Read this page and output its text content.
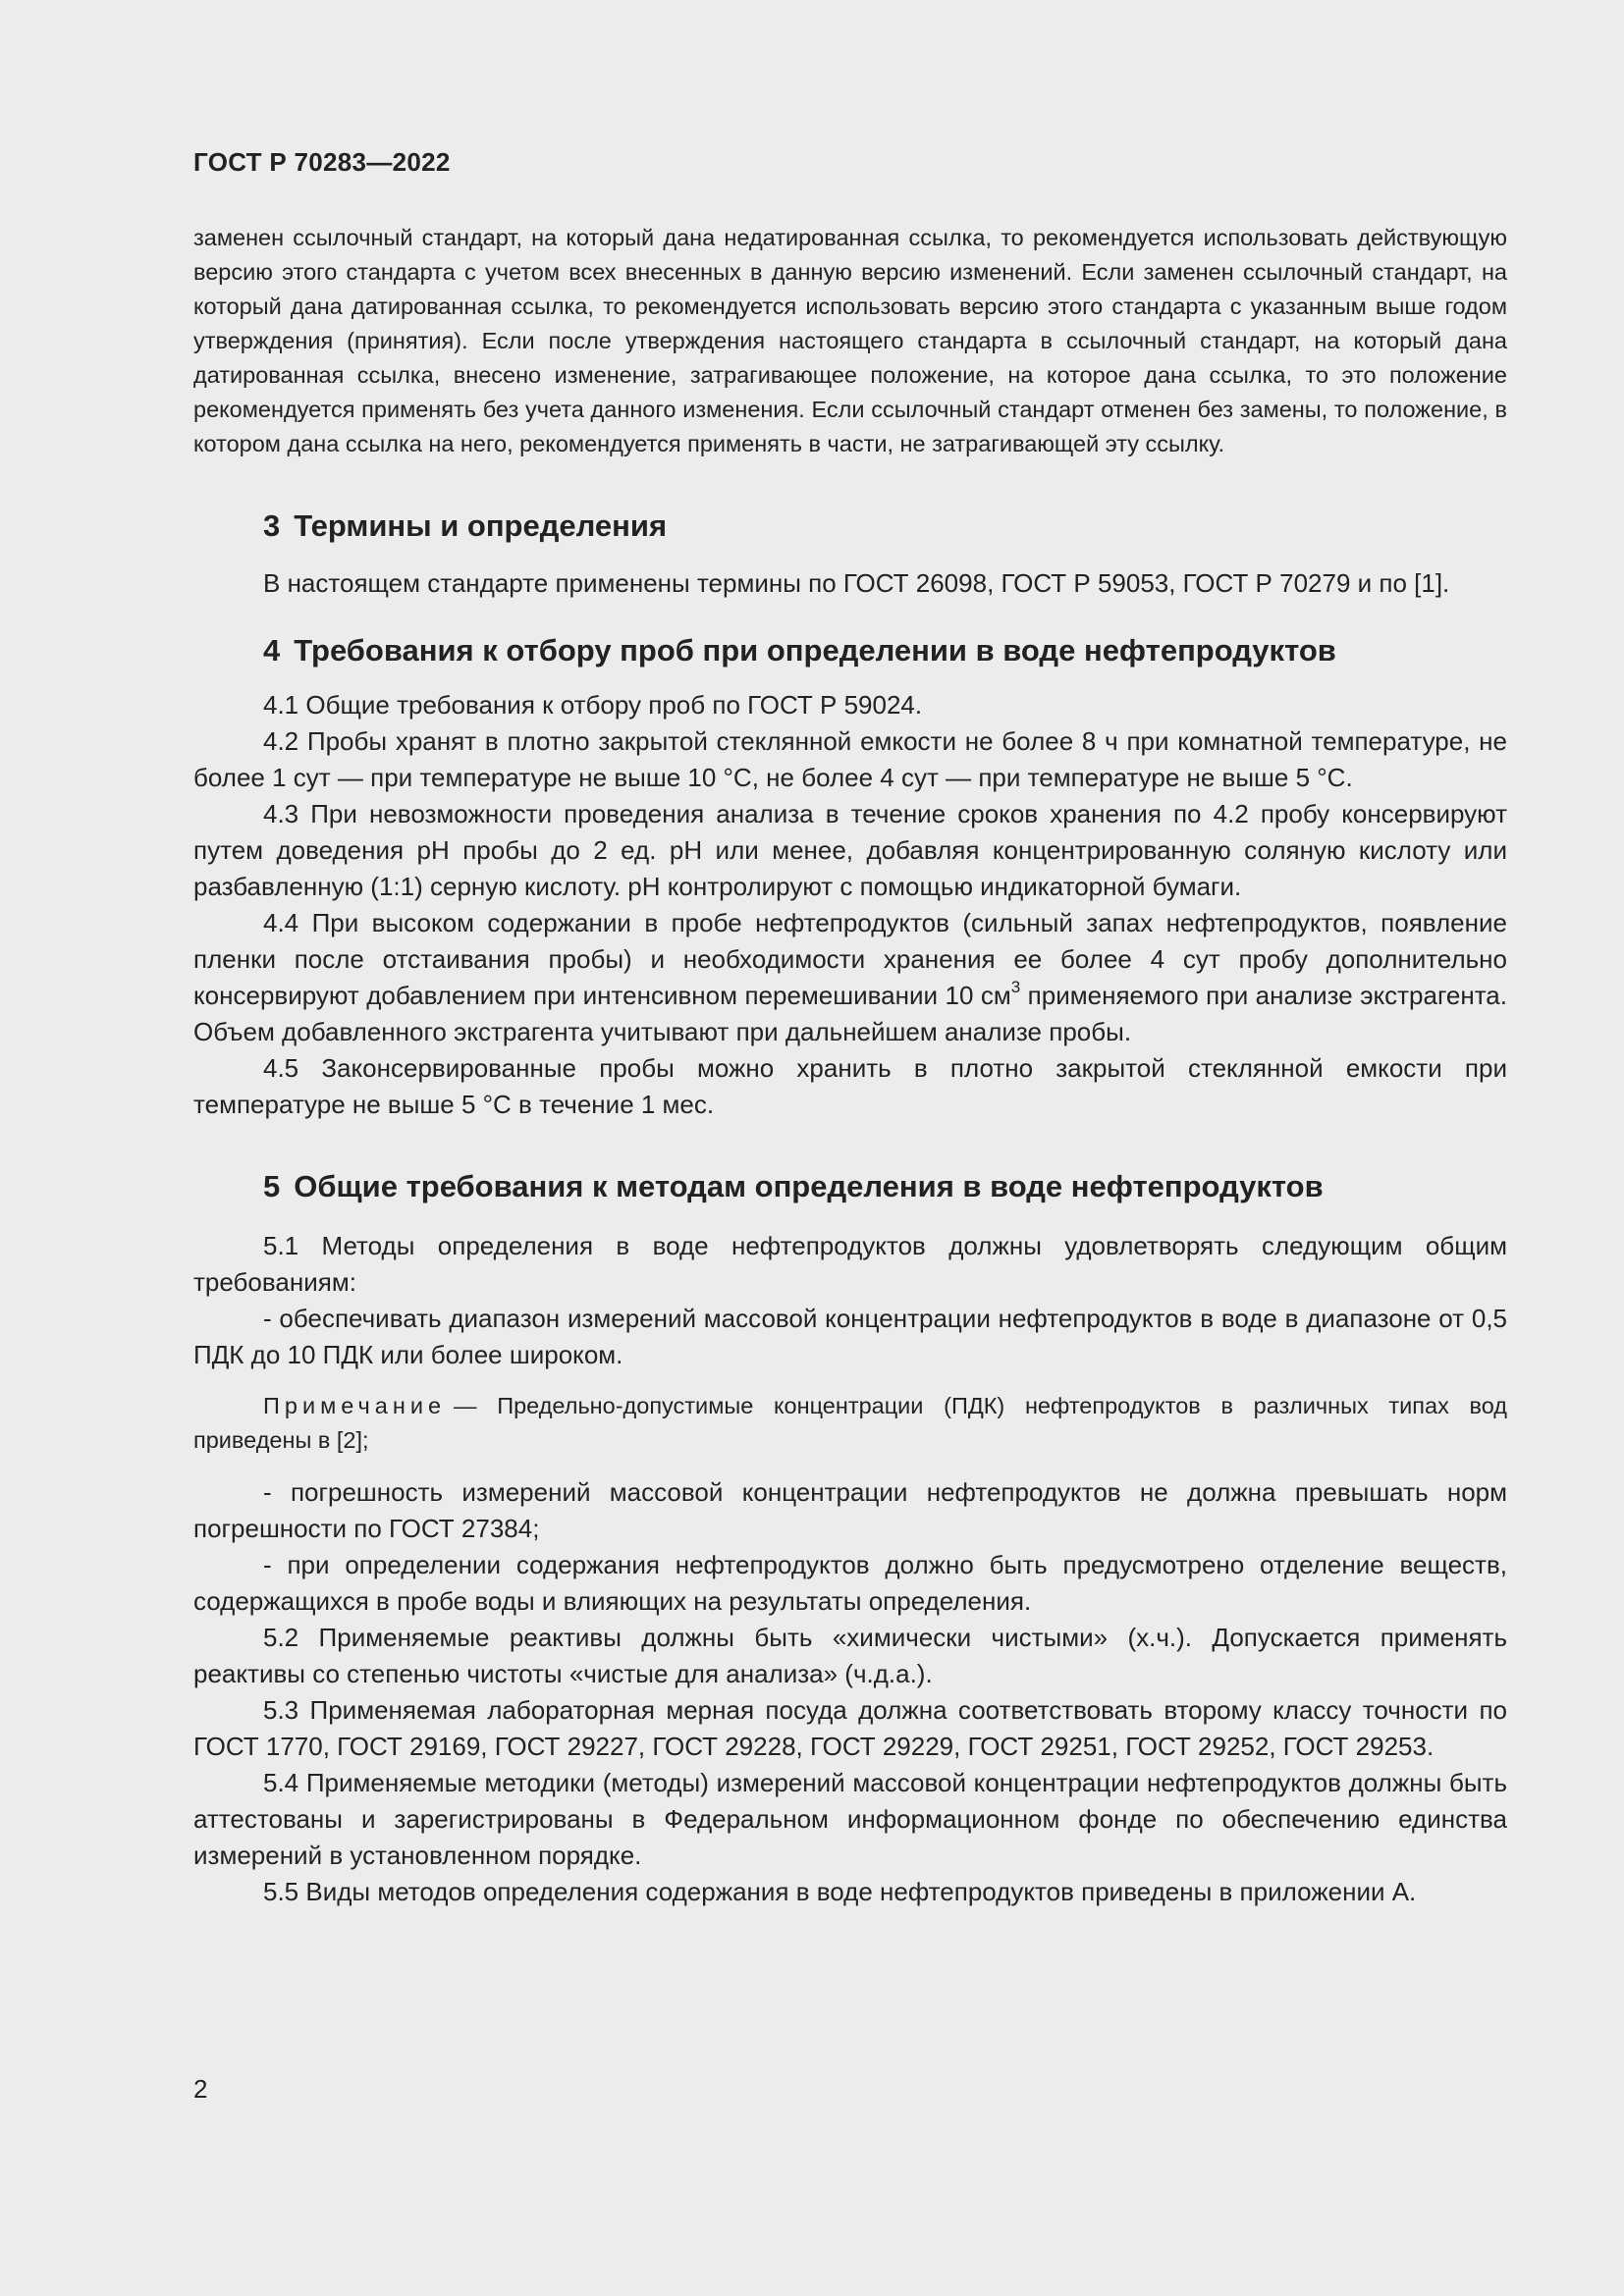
ГОСТ Р 70283—2022

заменен ссылочный стандарт, на который дана недатированная ссылка, то рекомендуется использовать действующую версию этого стандарта с учетом всех внесенных в данную версию изменений. Если заменен ссылочный стандарт, на который дана датированная ссылка, то рекомендуется использовать версию этого стандарта с указанным выше годом утверждения (принятия). Если после утверждения настоящего стандарта в ссылочный стандарт, на который дана датированная ссылка, внесено изменение, затрагивающее положение, на которое дана ссылка, то это положение рекомендуется применять без учета данного изменения. Если ссылочный стандарт отменен без замены, то положение, в котором дана ссылка на него, рекомендуется применять в части, не затрагивающей эту ссылку.

3 Термины и определения

В настоящем стандарте применены термины по ГОСТ 26098, ГОСТ Р 59053, ГОСТ Р 70279 и по [1].

4 Требования к отбору проб при определении в воде нефтепродуктов

4.1 Общие требования к отбору проб по ГОСТ Р 59024.

4.2 Пробы хранят в плотно закрытой стеклянной емкости не более 8 ч при комнатной температуре, не более 1 сут — при температуре не выше 10 °С, не более 4 сут — при температуре не выше 5 °С.

4.3 При невозможности проведения анализа в течение сроков хранения по 4.2 пробу консервируют путем доведения рН пробы до 2 ед. рН или менее, добавляя концентрированную соляную кислоту или разбавленную (1:1) серную кислоту. рН контролируют с помощью индикаторной бумаги.

4.4 При высоком содержании в пробе нефтепродуктов (сильный запах нефтепродуктов, появление пленки после отстаивания пробы) и необходимости хранения ее более 4 сут пробу дополнительно консервируют добавлением при интенсивном перемешивании 10 $см^3$ применяемого при анализе экстрагента. Объем добавленного экстрагента учитывают при дальнейшем анализе пробы.

4.5 Законсервированные пробы можно хранить в плотно закрытой стеклянной емкости при температуре не выше 5 °С в течение 1 мес.

5 Общие требования к методам определения в воде нефтепродуктов

5.1 Методы определения в воде нефтепродуктов должны удовлетворять следующим общим требованиям:

- обеспечивать диапазон измерений массовой концентрации нефтепродуктов в воде в диапазоне от 0,5 ПДК до 10 ПДК или более широком.

Примечание — Предельно-допустимые концентрации (ПДК) нефтепродуктов в различных типах вод приведены в [2];

- погрешность измерений массовой концентрации нефтепродуктов не должна превышать норм погрешности по ГОСТ 27384;

- при определении содержания нефтепродуктов должно быть предусмотрено отделение веществ, содержащихся в пробе воды и влияющих на результаты определения.

5.2 Применяемые реактивы должны быть «химически чистыми» (х.ч.). Допускается применять реактивы со степенью чистоты «чистые для анализа» (ч.д.а.).

5.3 Применяемая лабораторная мерная посуда должна соответствовать второму классу точности по ГОСТ 1770, ГОСТ 29169, ГОСТ 29227, ГОСТ 29228, ГОСТ 29229, ГОСТ 29251, ГОСТ 29252, ГОСТ 29253.

5.4 Применяемые методики (методы) измерений массовой концентрации нефтепродуктов должны быть аттестованы и зарегистрированы в Федеральном информационном фонде по обеспечению единства измерений в установленном порядке.

5.5 Виды методов определения содержания в воде нефтепродуктов приведены в приложении А.

2
